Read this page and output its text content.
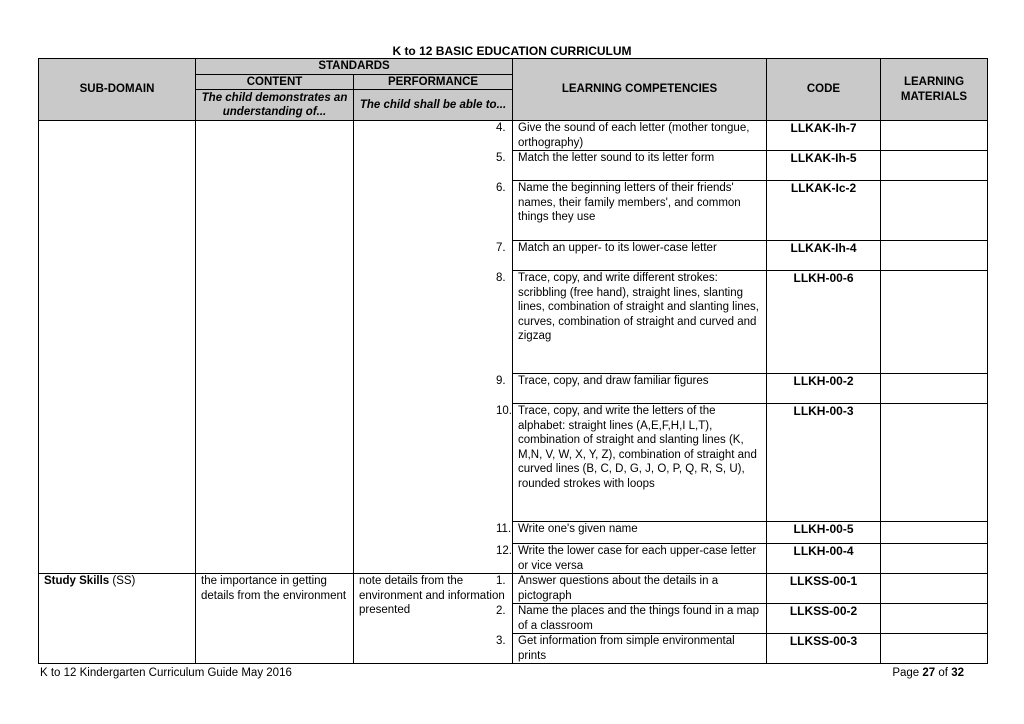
K to 12 BASIC EDUCATION CURRICULUM
SUB-DOMAIN	STANDARDS		LEARNING COMPETENCIES	CODE	LEARNING MATERIALS
	CONTENT	PERFORMANCE			
	The child demonstrates an understanding of...	The child shall be able to...			
			4. Give the sound of each letter (mother tongue, orthography)	LLKAK-Ih-7	
			5. Match the letter sound to its letter form	LLKAK-Ih-5	
			6. Name the beginning letters of their friends' names, their family members', and common things they use	LLKAK-Ic-2	
			7. Match an upper- to its lower-case letter	LLKAK-Ih-4	
			8. Trace, copy, and write different strokes: scribbling (free hand), straight lines, slanting lines, combination of straight and slanting lines, curves, combination of straight and curved and zigzag	LLKH-00-6	
			9. Trace, copy, and draw familiar figures	LLKH-00-2	
			10. Trace, copy, and write the letters of the alphabet: straight lines (A,E,F,H,I L,T), combination of straight and slanting lines (K, M,N, V, W, X, Y, Z), combination of straight and curved lines (B, C, D, G, J, O, P, Q, R, S, U), rounded strokes with loops	LLKH-00-3	
			11. Write one's given name	LLKH-00-5	
			12. Write the lower case for each upper-case letter or vice versa	LLKH-00-4	
Study Skills (SS)	the importance in getting details from the environment	note details from the environment and information presented	1. Answer questions about the details in a pictograph	LLKSS-00-1	
			2. Name the places and the things found in a map of a classroom	LLKSS-00-2	
			3. Get information from simple environmental prints	LLKSS-00-3	
K to 12 Kindergarten Curriculum Guide May 2016	Page 27 of 32
